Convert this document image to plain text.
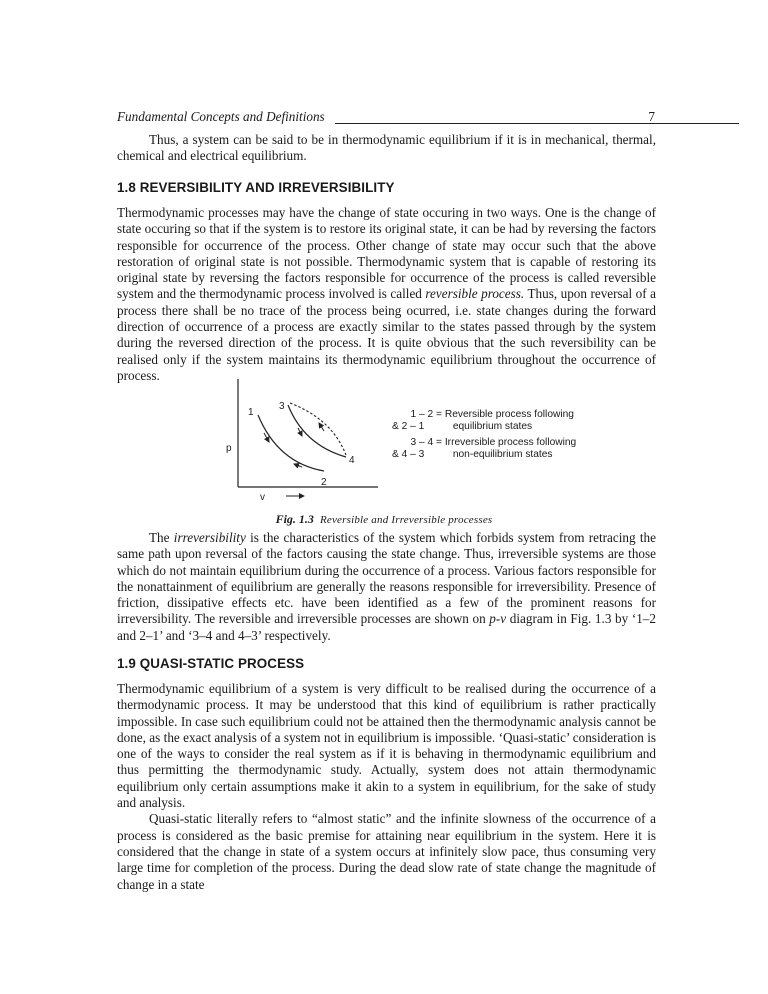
Fundamental Concepts and Definitions	7

Thus, a system can be said to be in thermodynamic equilibrium if it is in mechanical, thermal, chemical and electrical equilibrium.

1.8 REVERSIBILITY AND IRREVERSIBILITY

Thermodynamic processes may have the change of state occuring in two ways. One is the change of state occuring so that if the system is to restore its original state, it can be had by reversing the factors responsible for occurrence of the process. Other change of state may occur such that the above restoration of original state is not possible. Thermodynamic system that is capable of restoring its original state by reversing the factors responsible for occurrence of the process is called reversible system and the thermodynamic process involved is called reversible process. Thus, upon reversal of a process there shall be no trace of the process being ocurred, i.e. state changes during the forward direction of occurrence of a process are exactly similar to the states passed through by the system during the reversed direction of the process. It is quite obvious that the such reversibility can be realised only if the system maintains its thermodynamic equilibrium throughout the occurrence of process.

1
2
3
4
p
v
1 – 2 = Reversible process following
& 2 – 1	equilibrium states
3 – 4 = Irreversible process following
& 4 – 3	non-equilibrium states
Fig. 1.3 Reversible and Irreversible processes

The irreversibility is the characteristics of the system which forbids system from retracing the same path upon reversal of the factors causing the state change. Thus, irreversible systems are those which do not maintain equilibrium during the occurrence of a process. Various factors responsible for the nonattainment of equilibrium are generally the reasons responsible for irreversibility. Presence of friction, dissipative effects etc. have been identified as a few of the prominent reasons for irreversibility. The reversible and irreversible processes are shown on p-v diagram in Fig. 1.3 by ‘1–2 and 2–1’ and ‘3–4 and 4–3’ respectively.

1.9 QUASI-STATIC PROCESS

Thermodynamic equilibrium of a system is very difficult to be realised during the occurrence of a thermodynamic process. It may be understood that this kind of equilibrium is rather practically impossible. In case such equilibrium could not be attained then the thermodynamic analysis cannot be done, as the exact analysis of a system not in equilibrium is impossible. ‘Quasi-static’ consideration is one of the ways to consider the real system as if it is behaving in thermodynamic equilibrium and thus permitting the thermodynamic study. Actually, system does not attain thermodynamic equilibrium only certain assumptions make it akin to a system in equilibrium, for the sake of study and analysis.

Quasi-static literally refers to “almost static” and the infinite slowness of the occurrence of a process is considered as the basic premise for attaining near equilibrium in the system. Here it is considered that the change in state of a system occurs at infinitely slow pace, thus consuming very large time for completion of the process. During the dead slow rate of state change the magnitude of change in a state
